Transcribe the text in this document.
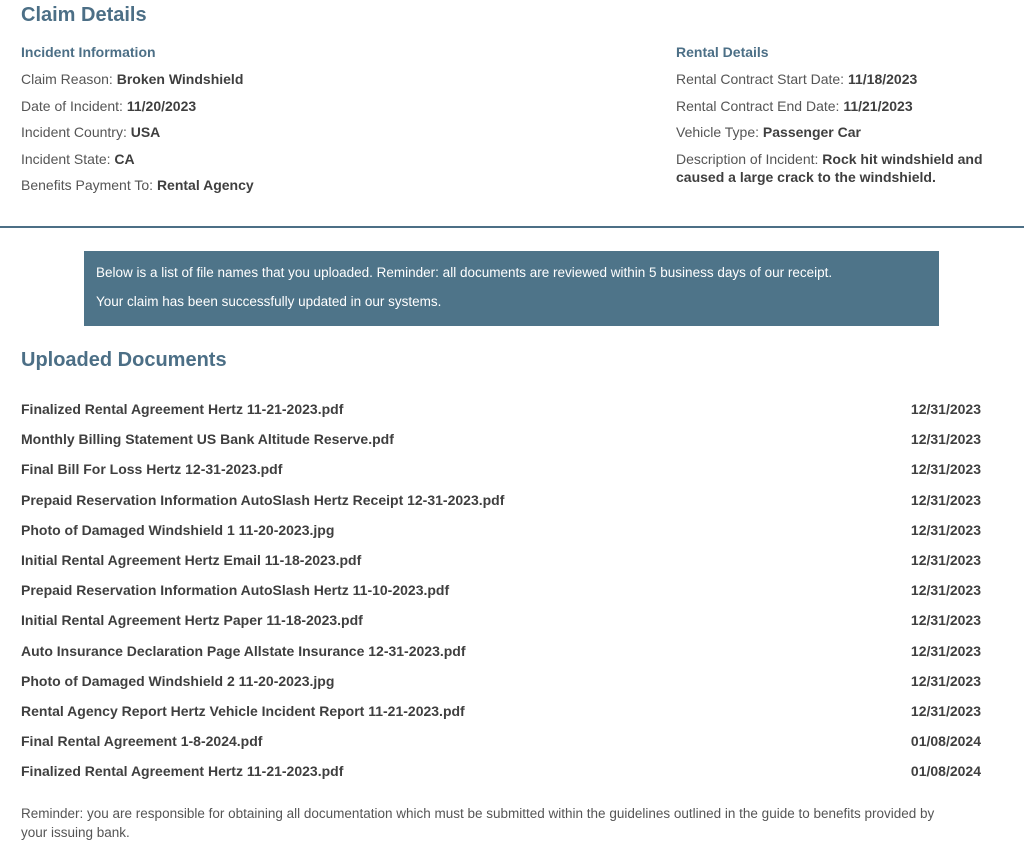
Claim Details
Incident Information
Claim Reason: Broken Windshield
Date of Incident: 11/20/2023
Incident Country: USA
Incident State: CA
Benefits Payment To: Rental Agency
Rental Details
Rental Contract Start Date: 11/18/2023
Rental Contract End Date: 11/21/2023
Vehicle Type: Passenger Car
Description of Incident: Rock hit windshield and caused a large crack to the windshield.
Below is a list of file names that you uploaded. Reminder: all documents are reviewed within 5 business days of our receipt.
Your claim has been successfully updated in our systems.
Uploaded Documents
Finalized Rental Agreement Hertz 11-21-2023.pdf	12/31/2023
Monthly Billing Statement US Bank Altitude Reserve.pdf	12/31/2023
Final Bill For Loss Hertz 12-31-2023.pdf	12/31/2023
Prepaid Reservation Information AutoSlash Hertz Receipt 12-31-2023.pdf	12/31/2023
Photo of Damaged Windshield 1 11-20-2023.jpg	12/31/2023
Initial Rental Agreement Hertz Email 11-18-2023.pdf	12/31/2023
Prepaid Reservation Information AutoSlash Hertz 11-10-2023.pdf	12/31/2023
Initial Rental Agreement Hertz Paper 11-18-2023.pdf	12/31/2023
Auto Insurance Declaration Page Allstate Insurance 12-31-2023.pdf	12/31/2023
Photo of Damaged Windshield 2 11-20-2023.jpg	12/31/2023
Rental Agency Report Hertz Vehicle Incident Report 11-21-2023.pdf	12/31/2023
Final Rental Agreement 1-8-2024.pdf	01/08/2024
Finalized Rental Agreement Hertz 11-21-2023.pdf	01/08/2024
Reminder: you are responsible for obtaining all documentation which must be submitted within the guidelines outlined in the guide to benefits provided by your issuing bank.
